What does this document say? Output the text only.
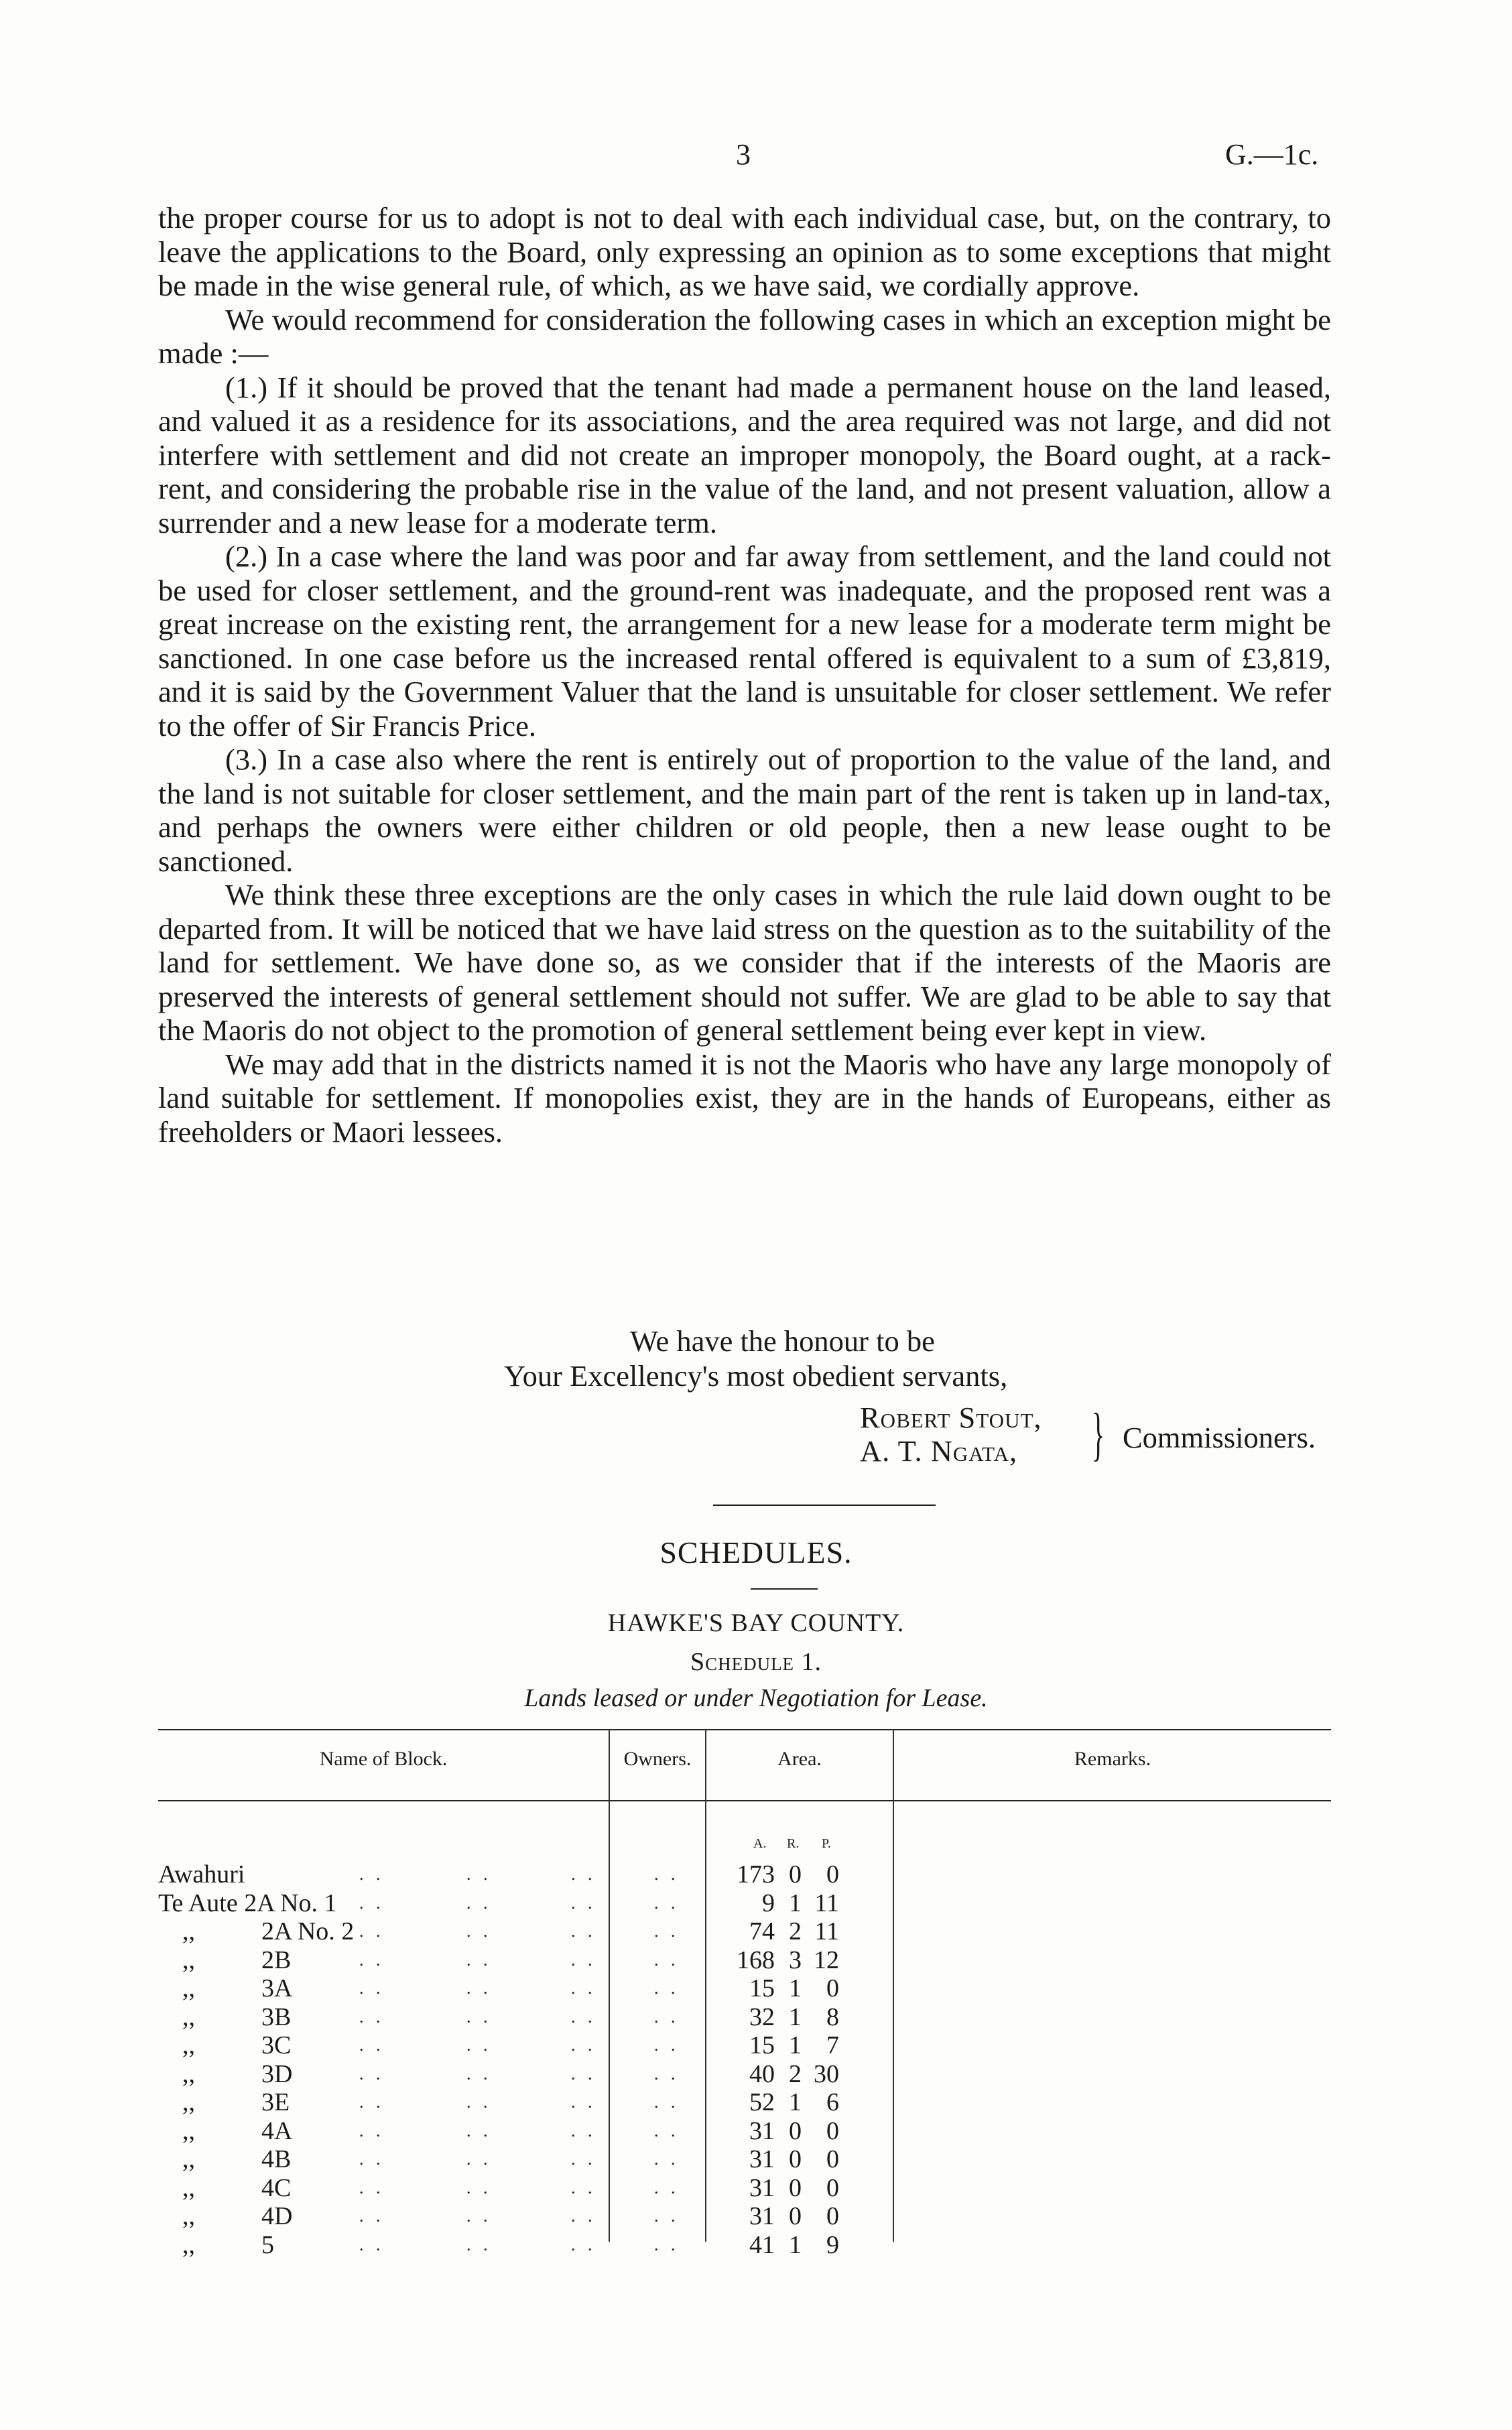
3	G.—1c.

the proper course for us to adopt is not to deal with each individual case, but, on the contrary, to leave the applications to the Board, only expressing an opinion as to some exceptions that might be made in the wise general rule, of which, as we have said, we cordially approve.

We would recommend for consideration the following cases in which an exception might be made :—

(1.) If it should be proved that the tenant had made a permanent house on the land leased, and valued it as a residence for its associations, and the area required was not large, and did not interfere with settlement and did not create an improper monopoly, the Board ought, at a rack-rent, and considering the probable rise in the value of the land, and not present valuation, allow a surrender and a new lease for a moderate term.

(2.) In a case where the land was poor and far away from settlement, and the land could not be used for closer settlement, and the ground-rent was inadequate, and the proposed rent was a great increase on the existing rent, the arrangement for a new lease for a moderate term might be sanctioned. In one case before us the increased rental offered is equivalent to a sum of £3,819, and it is said by the Government Valuer that the land is unsuitable for closer settlement. We refer to the offer of Sir Francis Price.

(3.) In a case also where the rent is entirely out of proportion to the value of the land, and the land is not suitable for closer settlement, and the main part of the rent is taken up in land-tax, and perhaps the owners were either children or old people, then a new lease ought to be sanctioned.

We think these three exceptions are the only cases in which the rule laid down ought to be departed from. It will be noticed that we have laid stress on the question as to the suitability of the land for settlement. We have done so, as we consider that if the interests of the Maoris are preserved the interests of general settlement should not suffer. We are glad to be able to say that the Maoris do not object to the promotion of general settlement being ever kept in view.

We may add that in the districts named it is not the Maoris who have any large monopoly of land suitable for settlement. If monopolies exist, they are in the hands of Europeans, either as freeholders or Maori lessees.

We have the honour to be
Your Excellency's most obedient servants,
Robert Stout,
A. T. Ngata,	} Commissioners.
SCHEDULES.
HAWKE'S BAY COUNTY.
Schedule 1.
Lands leased or under Negotiation for Lease.
Name of Block.	Owners.	Area.	Remarks.
A. R. P.
Awahuri	. .	. .	. .	. .	173 0 0
Te Aute 2A No. 1 . .	. .	. .	. .	9 1 11
,,	2A No. 2 . .	. .	. .	. .	74 2 11
,,	2B	. .	. .	. .	. .	168 3 12
,,	3A	. .	. .	. .	. .	15 1 0
,,	3B	. .	. .	. .	. .	32 1 8
,,	3C	. .	. .	. .	. .	15 1 7
,,	3D	. .	. .	. .	. .	40 2 30
,,	3E	. .	. .	. .	. .	52 1 6
,,	4A	. .	. .	. .	. .	31 0 0
,,	4B	. .	. .	. .	. .	31 0 0
,,	4C	. .	. .	. .	. .	31 0 0
,,	4D	. .	. .	. .	. .	31 0 0
,,	5	. .	. .	. .	. .	41 1 9
